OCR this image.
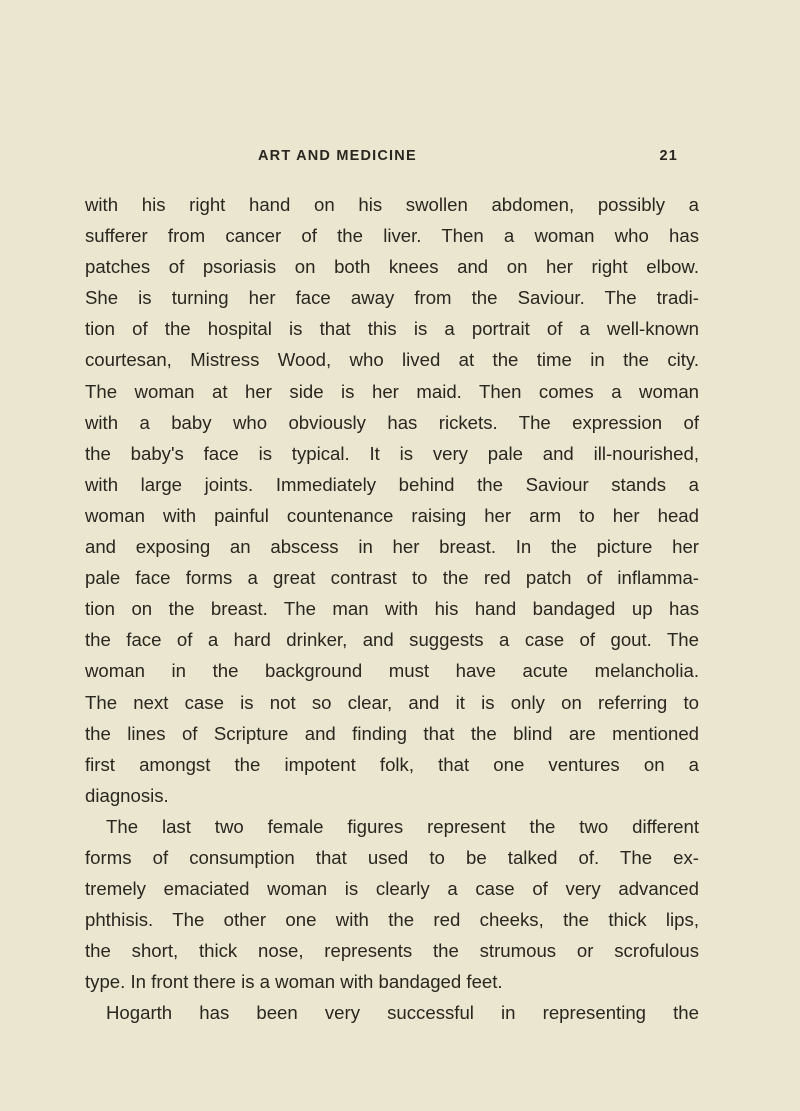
ART AND MEDICINE	21
with his right hand on his swollen abdomen, possibly a
sufferer from cancer of the liver. Then a woman who has
patches of psoriasis on both knees and on her right elbow.
She is turning her face away from the Saviour. The tradi-
tion of the hospital is that this is a portrait of a well-known
courtesan, Mistress Wood, who lived at the time in the city.
The woman at her side is her maid. Then comes a woman
with a baby who obviously has rickets. The expression of
the baby's face is typical. It is very pale and ill-nourished,
with large joints. Immediately behind the Saviour stands a
woman with painful countenance raising her arm to her head
and exposing an abscess in her breast. In the picture her
pale face forms a great contrast to the red patch of inflamma-
tion on the breast. The man with his hand bandaged up has
the face of a hard drinker, and suggests a case of gout. The
woman in the background must have acute melancholia.
The next case is not so clear, and it is only on referring to
the lines of Scripture and finding that the blind are mentioned
first amongst the impotent folk, that one ventures on a
diagnosis.
The last two female figures represent the two different
forms of consumption that used to be talked of. The ex-
tremely emaciated woman is clearly a case of very advanced
phthisis. The other one with the red cheeks, the thick lips,
the short, thick nose, represents the strumous or scrofulous
type. In front there is a woman with bandaged feet.
Hogarth has been very successful in representing the
